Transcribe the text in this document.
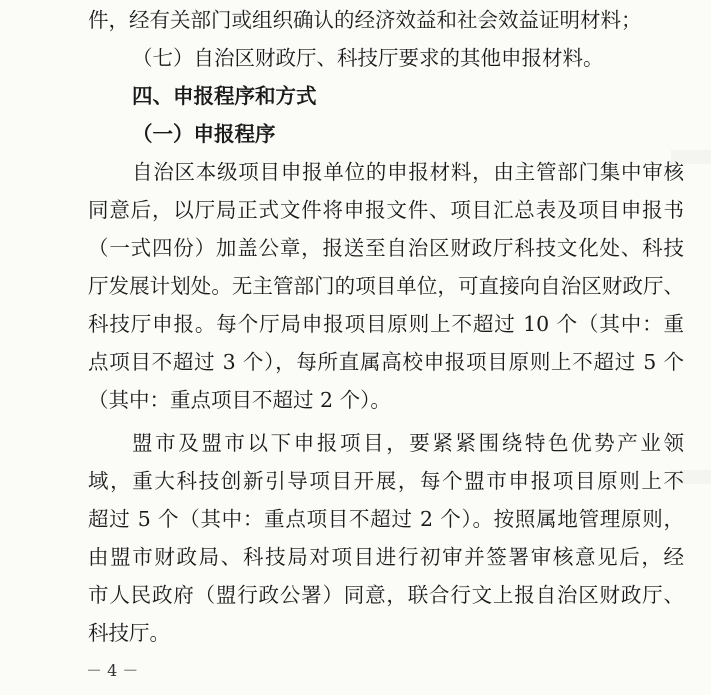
件，经有关部门或组织确认的经济效益和社会效益证明材料；
（七）自治区财政厅、科技厅要求的其他申报材料。
四、申报程序和方式
（一）申报程序
自治区本级项目申报单位的申报材料，由主管部门集中审核
同意后，以厅局正式文件将申报文件、项目汇总表及项目申报书
（一式四份）加盖公章，报送至自治区财政厅科技文化处、科技
厅发展计划处。无主管部门的项目单位，可直接向自治区财政厅、
科技厅申报。每个厅局申报项目原则上不超过 10 个（其中：重
点项目不超过 3 个），每所直属高校申报项目原则上不超过 5 个
（其中：重点项目不超过 2 个）。
盟市及盟市以下申报项目，要紧紧围绕特色优势产业领
域，重大科技创新引导项目开展，每个盟市申报项目原则上不
超过 5 个（其中：重点项目不超过 2 个）。按照属地管理原则，
由盟市财政局、科技局对项目进行初审并签署审核意见后，经
市人民政府（盟行政公署）同意，联合行文上报自治区财政厅、
科技厅。
－ 4 －
